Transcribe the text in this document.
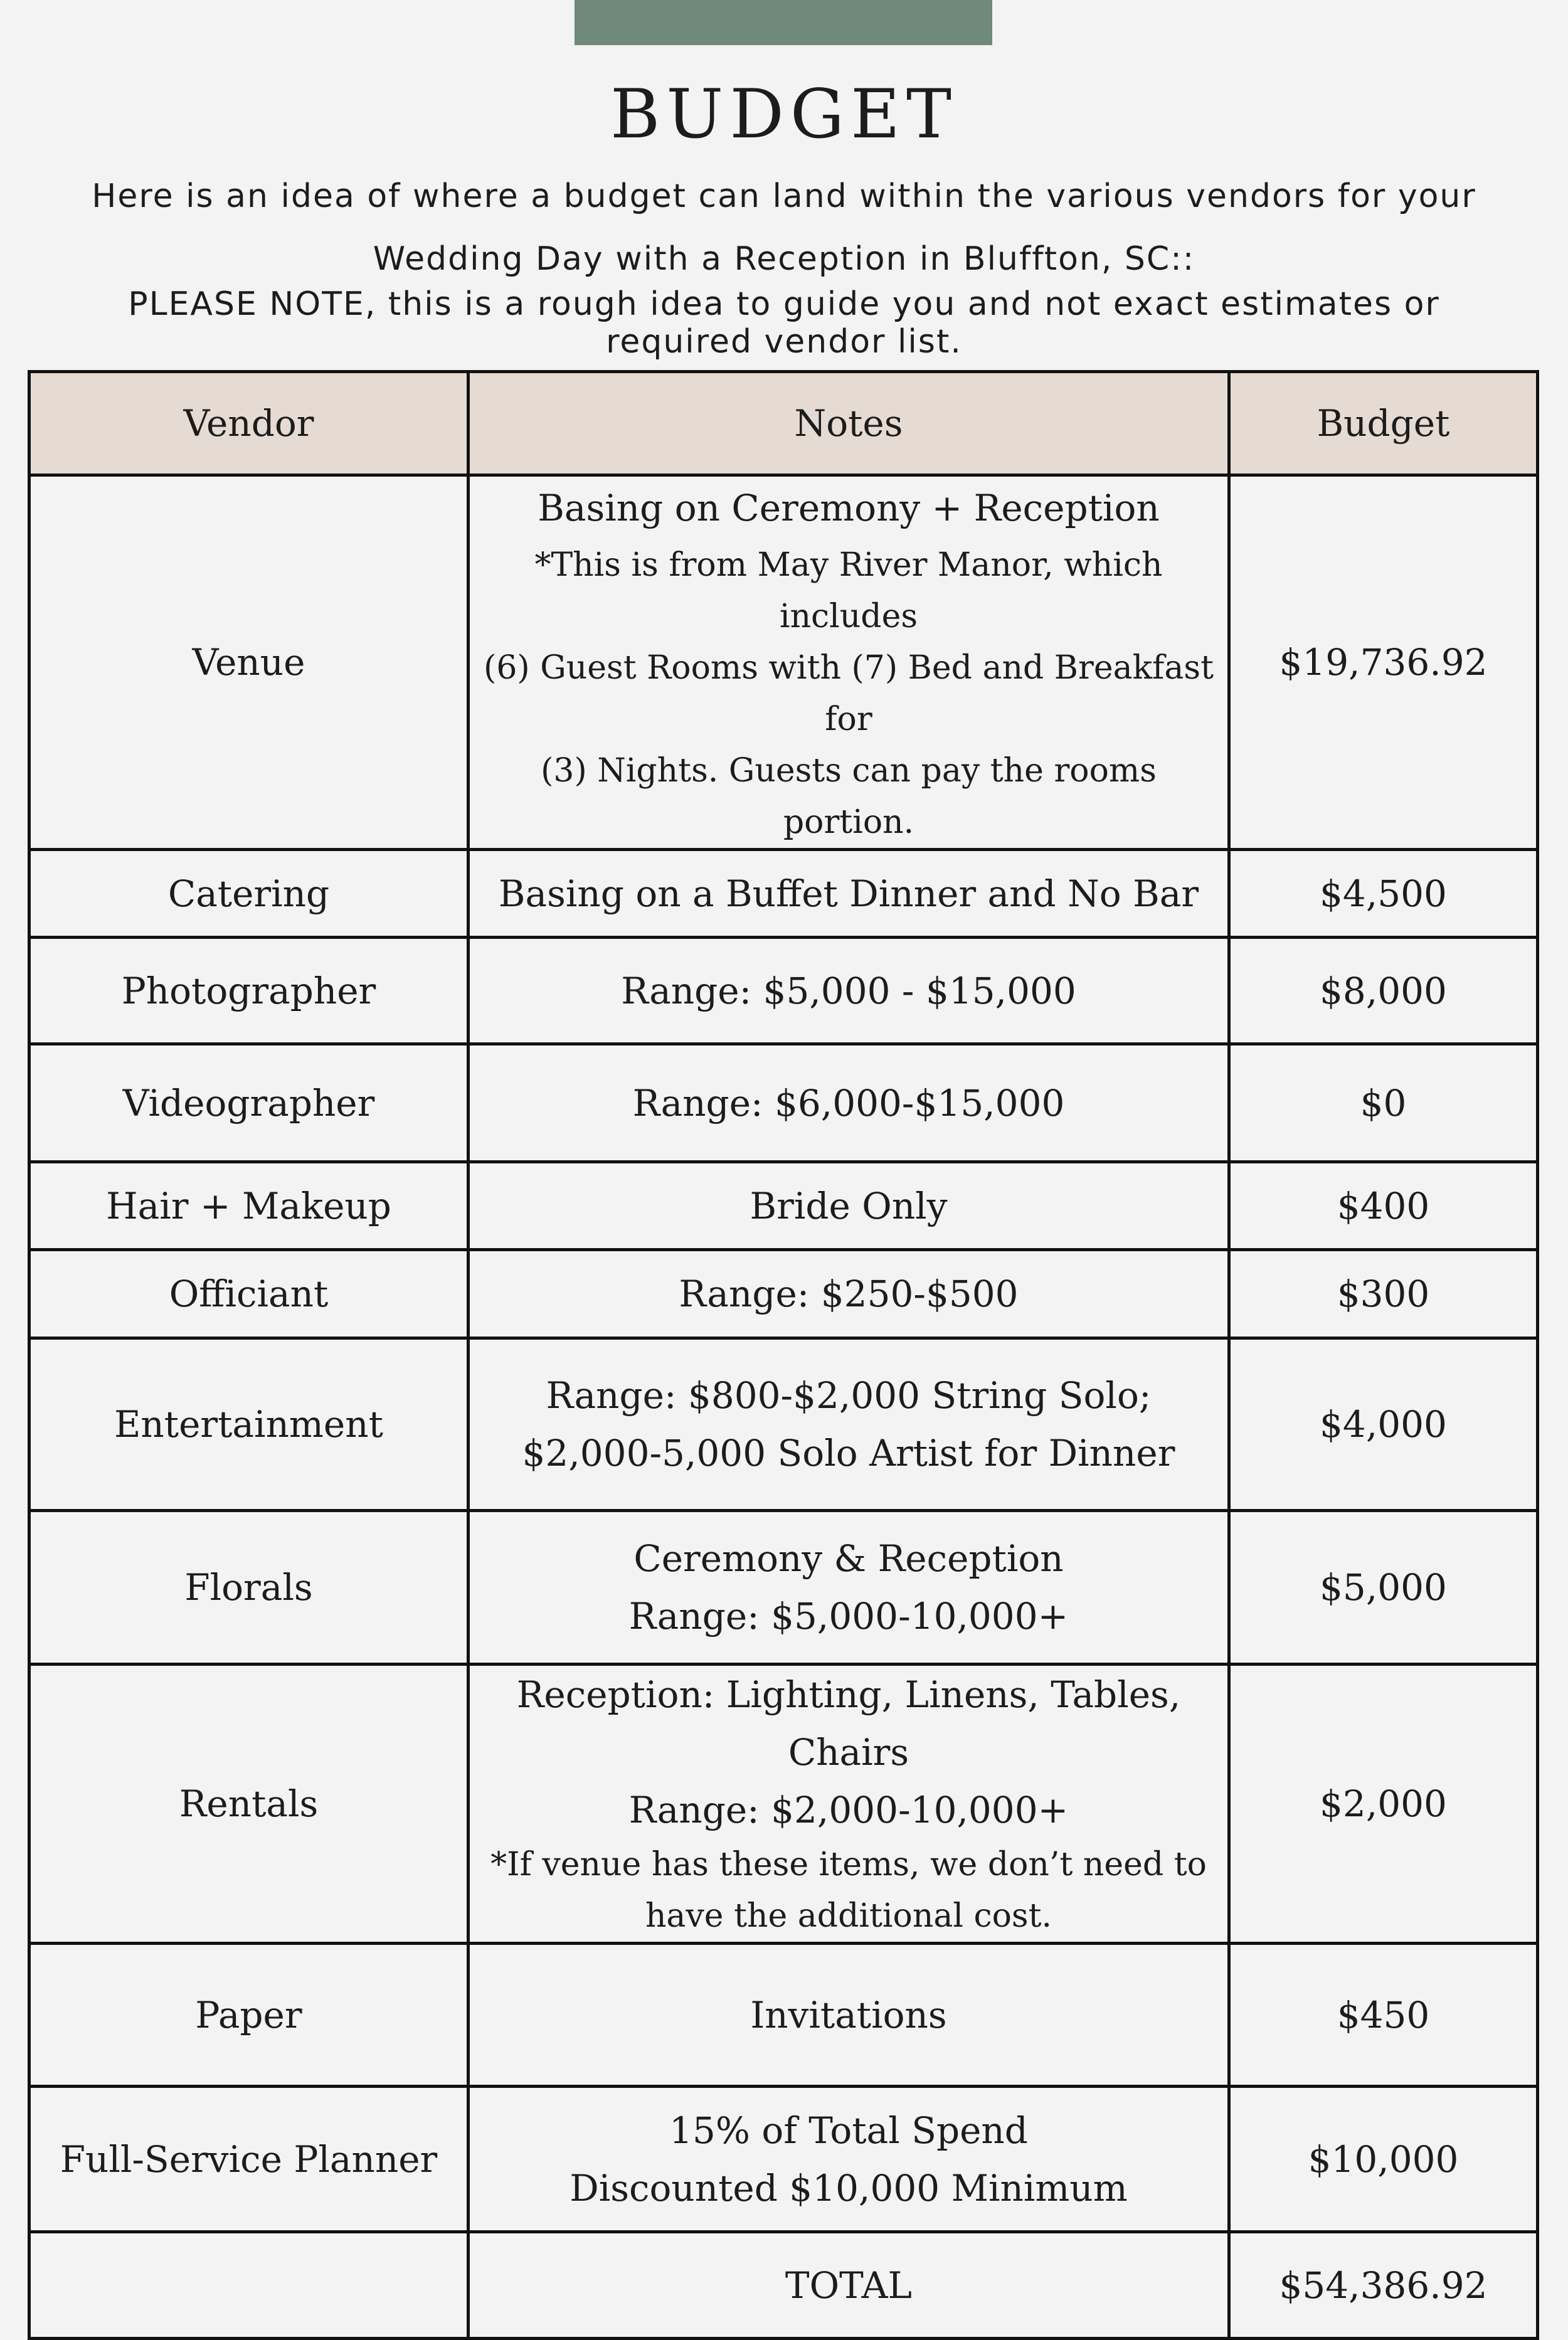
BUDGET
Here is an idea of where a budget can land within the various vendors for your
Wedding Day with a Reception in Bluffton, SC::
PLEASE NOTE, this is a rough idea to guide you and not exact estimates or required vendor list.
Vendor	Notes	Budget
Venue	Basing on Ceremony + Reception
*This is from May River Manor, which includes
(6) Guest Rooms with (7) Bed and Breakfast for
(3) Nights. Guests can pay the rooms portion.	$19,736.92
Catering	Basing on a Buffet Dinner and No Bar	$4,500
Photographer	Range: $5,000 - $15,000	$8,000
Videographer	Range: $6,000-$15,000	$0
Hair + Makeup	Bride Only	$400
Officiant	Range: $250-$500	$300
Entertainment	Range: $800-$2,000 String Solo;
$2,000-5,000 Solo Artist for Dinner	$4,000
Florals	Ceremony & Reception
Range: $5,000-10,000+	$5,000
Rentals	Reception: Lighting, Linens, Tables, Chairs
Range: $2,000-10,000+
*If venue has these items, we don’t need to
have the additional cost.	$2,000
Paper	Invitations	$450
Full-Service Planner	15% of Total Spend
Discounted $10,000 Minimum	$10,000
	TOTAL	$54,386.92
